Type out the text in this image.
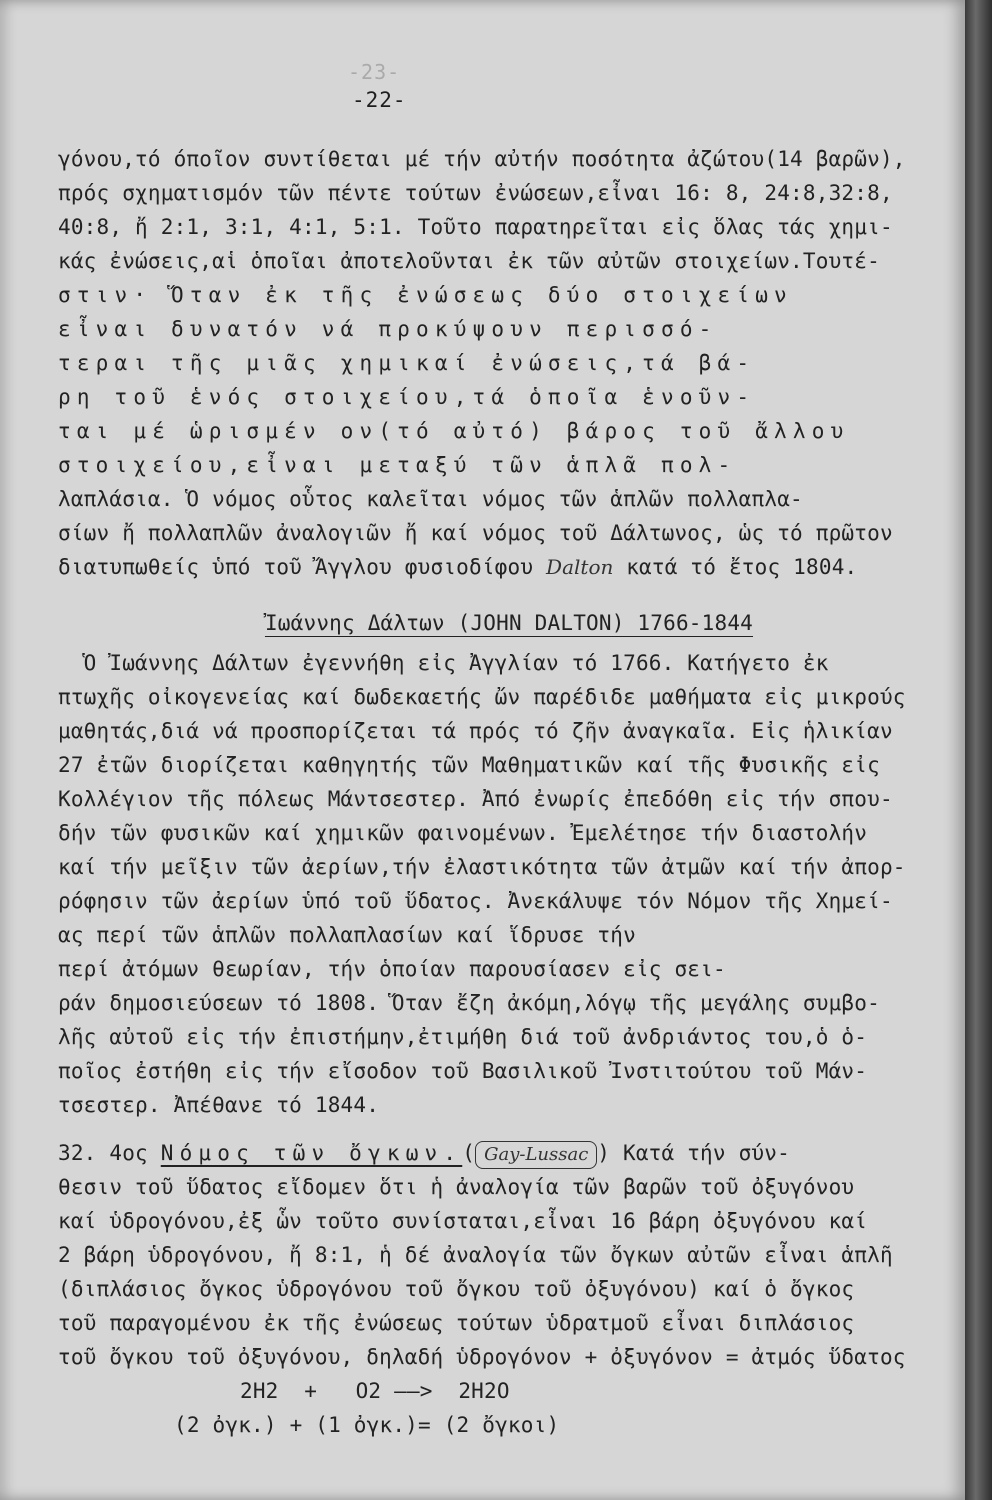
-23-
-22-
γόνου,τό όποῖον συντίθεται μέ τήν αὐτήν ποσότητα ἀζώτου(14 βαρῶν),
πρός σχηματισμόν τῶν πέντε τούτων ἐνώσεων,εἶναι 16: 8, 24:8,32:8,
40:8, ἤ 2:1, 3:1, 4:1, 5:1. Τοῦτο παρατηρεῖται εἰς ὅλας τάς χημι-
κάς ἐνώσεις,αἱ ὁποῖαι ἀποτελοῦνται ἐκ τῶν αὐτῶν στοιχείων.Τουτέ-
στιν· Ὅταν ἐκ τῆς ἐνώσεως δύο στοιχείων
εἶναι δυνατόν νά προκύψουν περισσό-
τεραι τῆς μιᾶς χημικαί ἐνώσεις,τά βά-
ρη τοῦ ἑνός στοιχείου,τά ὁποῖα ἑνοῦν-
ται μέ ὡρισμέν ον(τό αὐτό) βάρος τοῦ ἄλλου
στοιχείου,εἶναι μεταξύ τῶν ἁπλᾶ πολ-
λαπλάσια. Ὁ νόμος οὗτος καλεῖται νόμος τῶν ἁπλῶν πολλαπλα-
σίων ἤ πολλαπλῶν ἀναλογιῶν ἤ καί νόμος τοῦ Δάλτωνος, ὡς τό πρῶτον
διατυπωθείς ὑπό τοῦ Ἄγγλου φυσιοδίφου Dalton κατά τό ἔτος 1804.
Ἰωάννης Δάλτων (JOHN DALTON) 1766-1844
Ὁ Ἰωάννης Δάλτων ἐγεννήθη εἰς Ἀγγλίαν τό 1766. Κατήγετο ἐκ
πτωχῆς οἰκογενείας καί δωδεκαετής ὤν παρέδιδε μαθήματα εἰς μικρούς
μαθητάς,διά νά προσπορίζεται τά πρός τό ζῆν ἀναγκαῖα. Εἰς ἡλικίαν
27 ἐτῶν διορίζεται καθηγητής τῶν Μαθηματικῶν καί τῆς Φυσικῆς εἰς
Κολλέγιον τῆς πόλεως Μάντσεστερ. Ἀπό ἐνωρίς ἐπεδόθη εἰς τήν σπου-
δήν τῶν φυσικῶν καί χημικῶν φαινομένων. Ἐμελέτησε τήν διαστολήν
καί τήν μεῖξιν τῶν ἀερίων,τήν ἐλαστικότητα τῶν ἀτμῶν καί τήν ἀπορ-
ρόφησιν τῶν ἀερίων ὑπό τοῦ ὕδατος. Ἀνεκάλυψε τόν Νόμον τῆς Χημεί-
ας περί τῶν ἁπλῶν πολλαπλασίων καί ἵδρυσε τήν
περί ἀτόμων θεωρίαν, τήν ὁποίαν παρουσίασεν εἰς σει-
ράν δημοσιεύσεων τό 1808. Ὅταν ἔζη ἀκόμη,λόγῳ τῆς μεγάλης συμβο-
λῆς αὐτοῦ εἰς τήν ἐπιστήμην,ἐτιμήθη διά τοῦ ἀνδριάντος του,ὁ ὁ-
ποῖος ἐστήθη εἰς τήν εἴσοδον τοῦ Βασιλικοῦ Ἰνστιτούτου τοῦ Μάν-
τσεστερ. Ἀπέθανε τό 1844.
32. 4ος Νόμος τῶν ὄγκων.( Gay-Lussac ) Κατά τήν σύν-
θεσιν τοῦ ὕδατος εἴδομεν ὅτι ἡ ἀναλογία τῶν βαρῶν τοῦ ὀξυγόνου
καί ὑδρογόνου,ἐξ ὧν τοῦτο συνίσταται,εἶναι 16 βάρη ὀξυγόνου καί
2 βάρη ὑδρογόνου, ἤ 8:1, ἡ δέ ἀναλογία τῶν ὄγκων αὐτῶν εἶναι ἁπλῆ
(διπλάσιος ὄγκος ὑδρογόνου τοῦ ὄγκου τοῦ ὀξυγόνου) καί ὁ ὄγκος
τοῦ παραγομένου ἐκ τῆς ἐνώσεως τούτων ὑδρατμοῦ εἶναι διπλάσιος
τοῦ ὄγκου τοῦ ὀξυγόνου, δηλαδή ὑδρογόνον + ὀξυγόνον = ἀτμός ὕδατος
2H2  +   O2 ——>  2H2O
(2 ὀγκ.) + (1 ὀγκ.)= (2 ὄγκοι)
